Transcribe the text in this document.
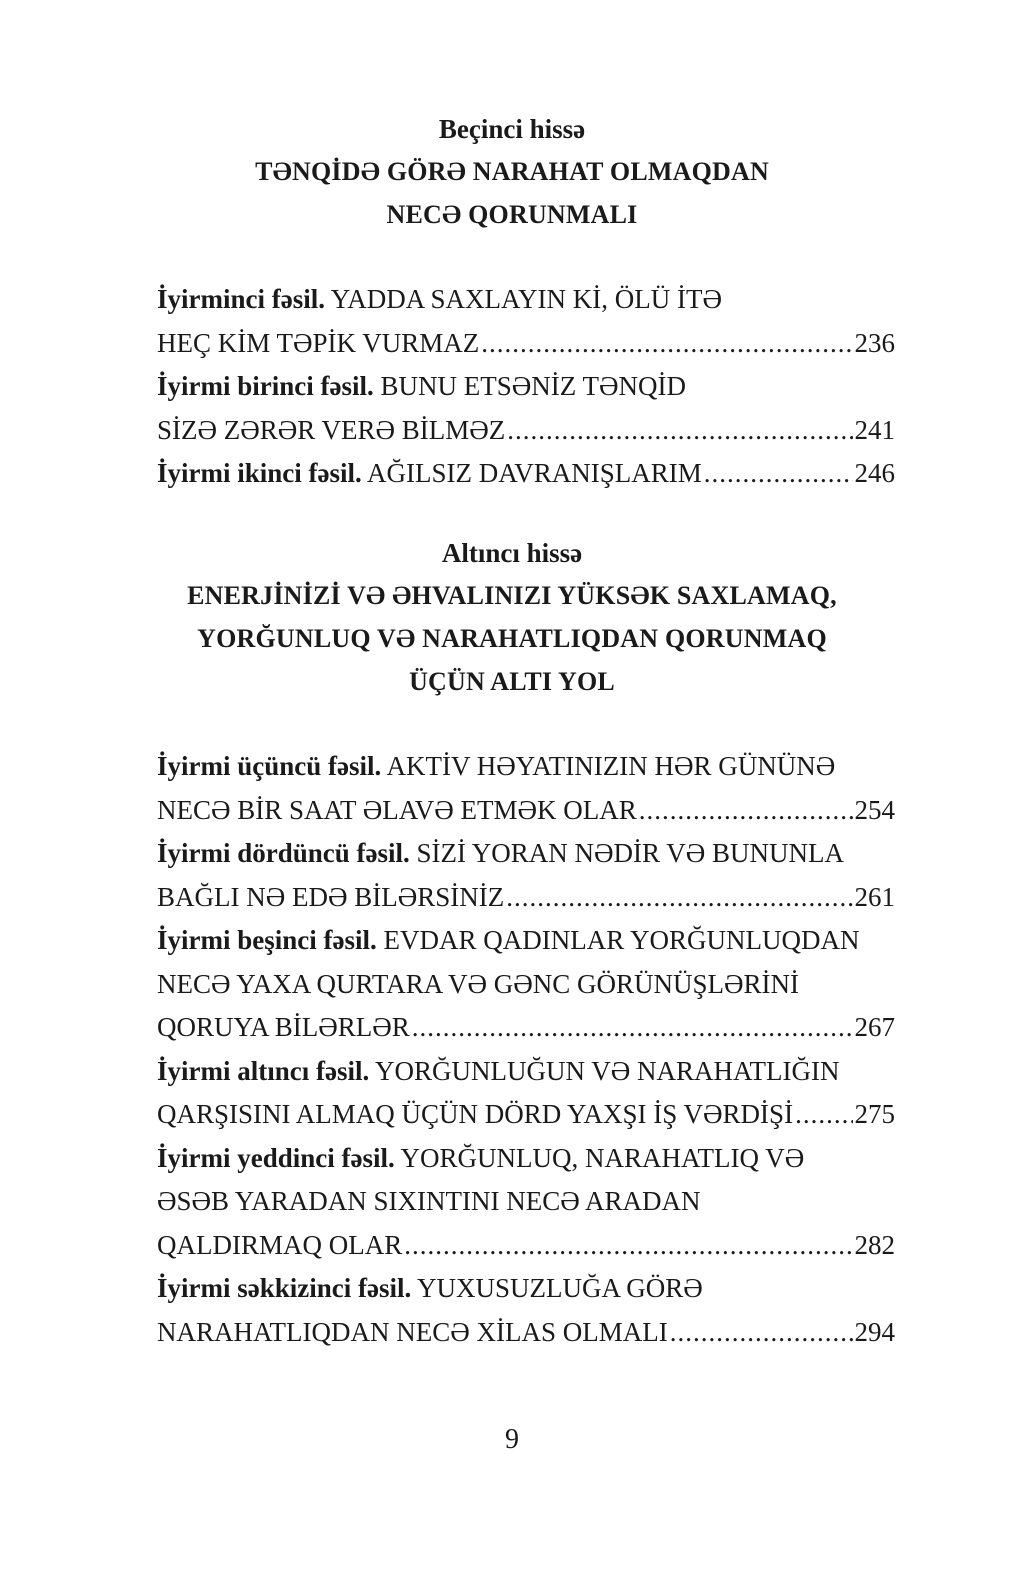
Beçinci hissə
TƏNQİDƏ GÖRƏ NARAHAT OLMAQDAN
NECƏ QORUNMALI
İyirminci fəsil. YADDA SAXLAYIN Kİ, ÖLÜ İTƏ
HEÇ KİM TƏPİK VURMAZ .....	236
İyirmi birinci fəsil. BUNU ETSƏNİZ TƏNQİD
SİZƏ ZƏRƏR VERƏ BİLMƏZ .....	241
İyirmi ikinci fəsil. AĞILSIZ DAVRANIŞLARIM .....	246
Altıncı hissə
ENERJİNİZİ VƏ ƏHVALINIZI YÜKSƏK SAXLAMAQ,
YORĞUNLUQ VƏ NARAHATLIQDAN QORUNMAQ
ÜÇÜN ALTI YOL
İyirmi üçüncü fəsil. AKTİV HƏYATINIZIN HƏR GÜNÜNƏ
NECƏ BİR SAAT ƏLAVƏ ETMƏK OLAR .....	254
İyirmi dördüncü fəsil. SİZİ YORAN NƏDİR VƏ BUNUNLA
BAĞLI NƏ EDƏ BİLƏRSİNİZ .....	261
İyirmi beşinci fəsil. EVDAR QADINLAR YORĞUNLUQDAN
NECƏ YAXA QURTARA VƏ GƏNC GÖRÜNÜŞLƏRİNİ
QORUYA BİLƏRLƏR .....	267
İyirmi altıncı fəsil. YORĞUNLUĞUN VƏ NARAHATLIĞIN
QARŞISINI ALMAQ ÜÇÜN DÖRD YAXŞI İŞ VƏRDİŞİ ..... 275
İyirmi yeddinci fəsil. YORĞUNLUQ, NARAHATLIQ VƏ
ƏSƏB YARADAN SIXINTINI NECƏ ARADAN
QALDIRMAQ OLAR .....	282
İyirmi səkkizinci fəsil. YUXUSUZLUĞA GÖRƏ
NARAHATLIQDAN NECƏ XİLAS OLMALI .....	294
9
